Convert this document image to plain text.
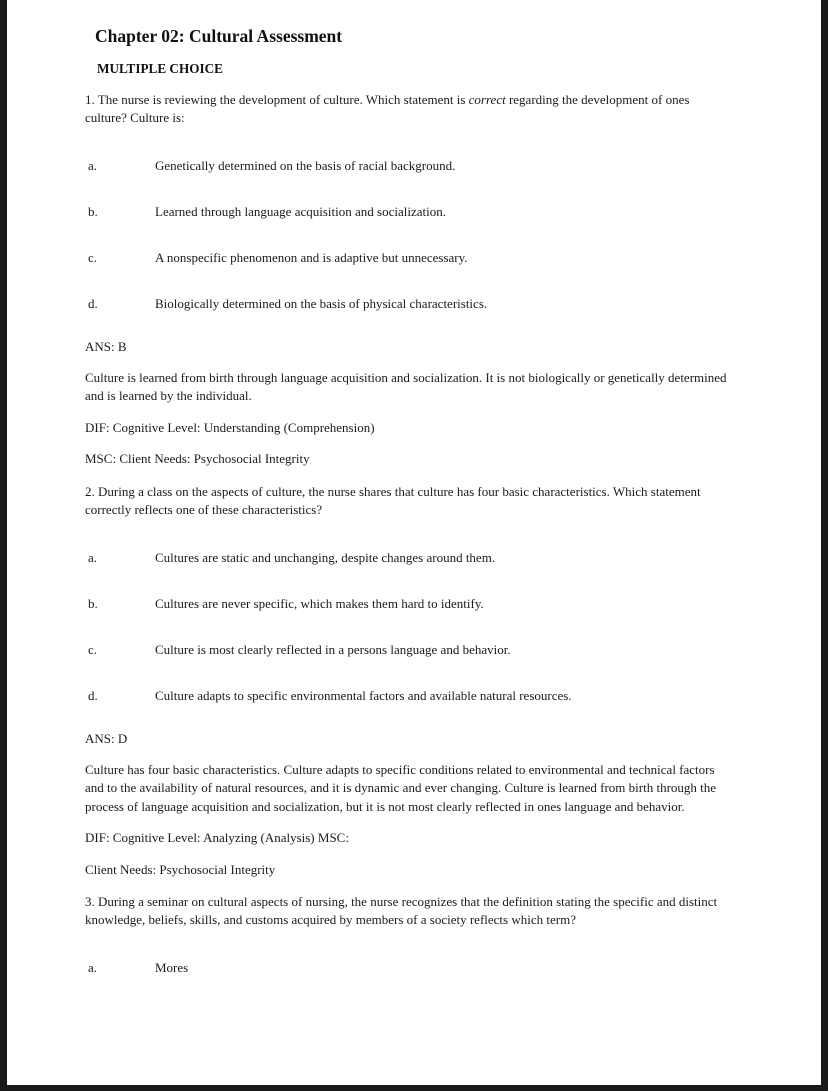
Chapter 02: Cultural Assessment
MULTIPLE CHOICE

1. The nurse is reviewing the development of culture. Which statement is correct regarding the development of ones culture? Culture is:

a.	Genetically determined on the basis of racial background.
b.	Learned through language acquisition and socialization.
c.	A nonspecific phenomenon and is adaptive but unnecessary.
d.	Biologically determined on the basis of physical characteristics.

ANS: B

Culture is learned from birth through language acquisition and socialization. It is not biologically or genetically determined and is learned by the individual.

DIF: Cognitive Level: Understanding (Comprehension)

MSC: Client Needs: Psychosocial Integrity

2. During a class on the aspects of culture, the nurse shares that culture has four basic characteristics. Which statement correctly reflects one of these characteristics?

a.	Cultures are static and unchanging, despite changes around them.
b.	Cultures are never specific, which makes them hard to identify.
c.	Culture is most clearly reflected in a persons language and behavior.
d.	Culture adapts to specific environmental factors and available natural resources.

ANS: D

Culture has four basic characteristics. Culture adapts to specific conditions related to environmental and technical factors and to the availability of natural resources, and it is dynamic and ever changing. Culture is learned from birth through the process of language acquisition and socialization, but it is not most clearly reflected in ones language and behavior.

DIF: Cognitive Level: Analyzing (Analysis) MSC:

Client Needs: Psychosocial Integrity

3. During a seminar on cultural aspects of nursing, the nurse recognizes that the definition stating the specific and distinct knowledge, beliefs, skills, and customs acquired by members of a society reflects which term?

a.	Mores
